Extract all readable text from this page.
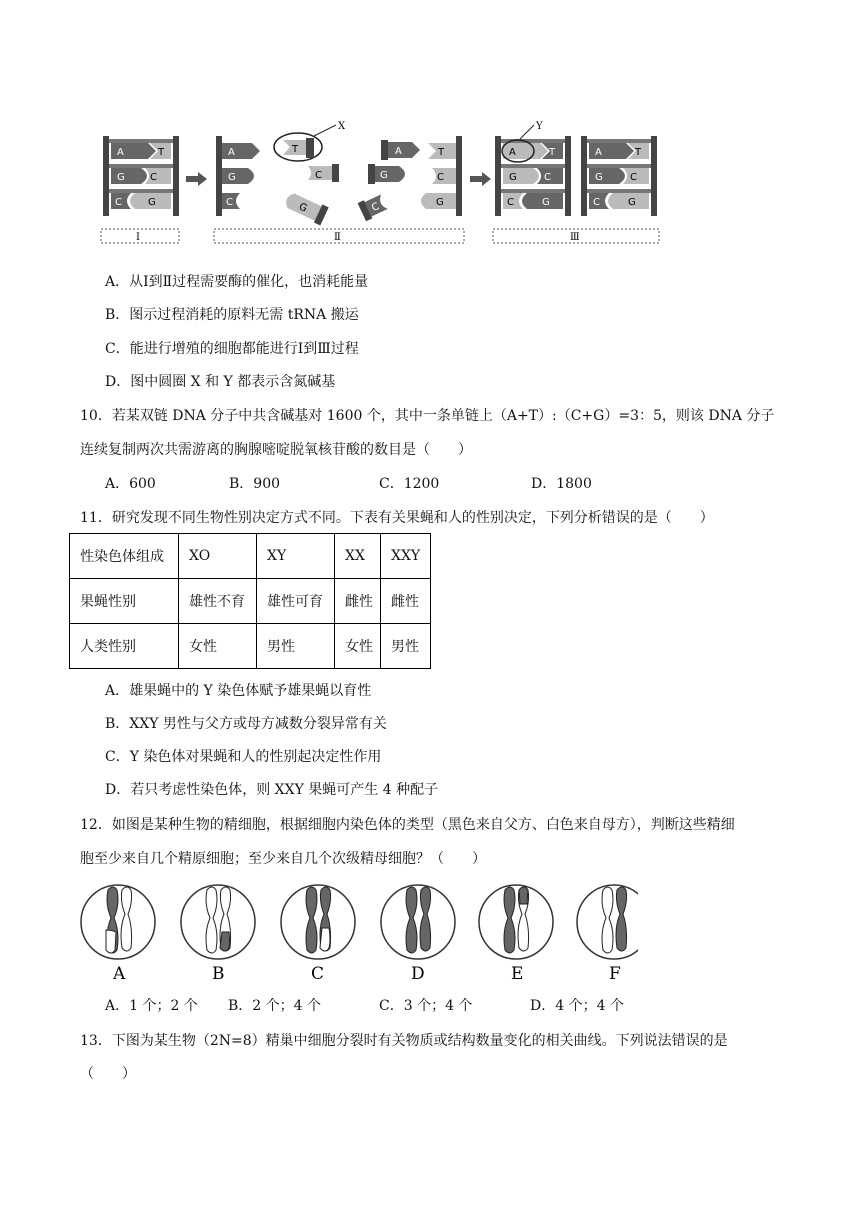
A	T
G	C
C	G
Ⅰ
A
G
C
T
X
C
G
A
G
C
T
C
G
Ⅱ
A
Y
T
G	C
C	G
A	T
G	C
C	G
Ⅲ
A．从Ⅰ到Ⅱ过程需要酶的催化，也消耗能量
B．图示过程消耗的原料无需 tRNA 搬运
C．能进行增殖的细胞都能进行Ⅰ到Ⅲ过程
D．图中圆圈 X 和 Y 都表示含氮碱基
10．若某双链 DNA 分子中共含碱基对 1600 个，其中一条单链上（A+T）:（C+G）=3：5，则该 DNA 分子
连续复制两次共需游离的胸腺嘧啶脱氧核苷酸的数目是（　　）
A．600	B．900	C．1200	D．1800
11．研究发现不同生物性别决定方式不同。下表有关果蝇和人的性别决定，下列分析错误的是（　　）
性染色体组成	XO	XY	XX	XXY
果蝇性别	雄性不育	雄性可育	雌性	雌性
人类性别	女性	男性	女性	男性
A．雄果蝇中的 Y 染色体赋予雄果蝇以育性
B．XXY 男性与父方或母方减数分裂异常有关
C．Y 染色体对果蝇和人的性别起决定性作用
D．若只考虑性染色体，则 XXY 果蝇可产生 4 种配子
12．如图是某种生物的精细胞，根据细胞内染色体的类型（黑色来自父方、白色来自母方），判断这些精细
胞至少来自几个精原细胞；至少来自几个次级精母细胞？（　　）
A	B	C	D	E	F
A．1 个；2 个 B．2 个；4 个	C．3 个；4 个	D．4 个；4 个
13．下图为某生物（2N=8）精巢中细胞分裂时有关物质或结构数量变化的相关曲线。下列说法错误的是
（　　）
